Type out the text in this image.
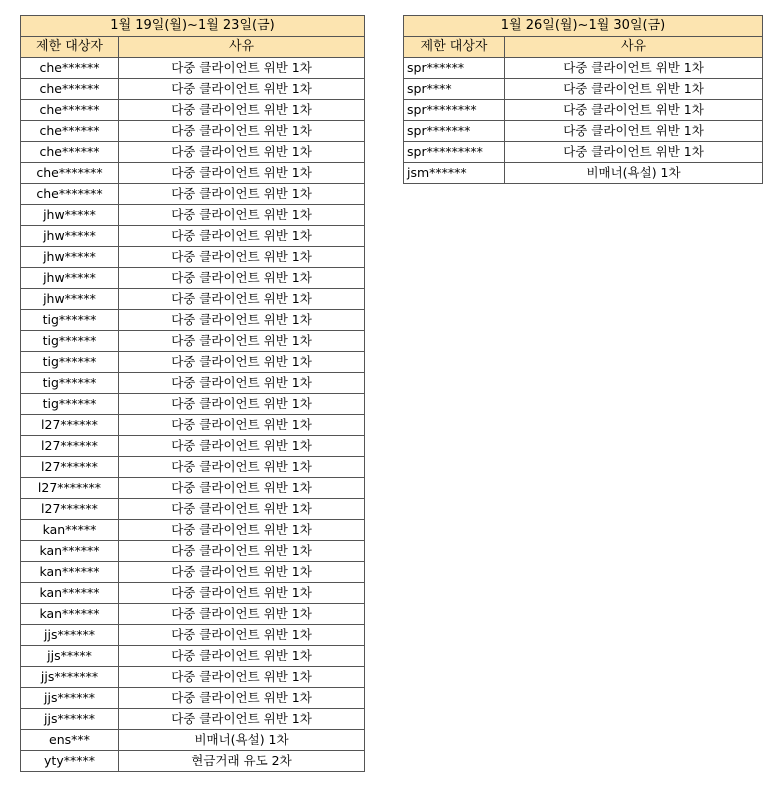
1월 19일(월)~1월 23일(금)	
제한 대상자	사유
che******	다중 클라이언트 위반 1차
che******	다중 클라이언트 위반 1차
che******	다중 클라이언트 위반 1차
che******	다중 클라이언트 위반 1차
che******	다중 클라이언트 위반 1차
che*******	다중 클라이언트 위반 1차
che*******	다중 클라이언트 위반 1차
jhw*****	다중 클라이언트 위반 1차
jhw*****	다중 클라이언트 위반 1차
jhw*****	다중 클라이언트 위반 1차
jhw*****	다중 클라이언트 위반 1차
jhw*****	다중 클라이언트 위반 1차
tig******	다중 클라이언트 위반 1차
tig******	다중 클라이언트 위반 1차
tig******	다중 클라이언트 위반 1차
tig******	다중 클라이언트 위반 1차
tig******	다중 클라이언트 위반 1차
l27******	다중 클라이언트 위반 1차
l27******	다중 클라이언트 위반 1차
l27******	다중 클라이언트 위반 1차
l27*******	다중 클라이언트 위반 1차
l27******	다중 클라이언트 위반 1차
kan*****	다중 클라이언트 위반 1차
kan******	다중 클라이언트 위반 1차
kan******	다중 클라이언트 위반 1차
kan******	다중 클라이언트 위반 1차
kan******	다중 클라이언트 위반 1차
jjs******	다중 클라이언트 위반 1차
jjs*****	다중 클라이언트 위반 1차
jjs*******	다중 클라이언트 위반 1차
jjs******	다중 클라이언트 위반 1차
jjs******	다중 클라이언트 위반 1차
ens***	비매너(욕설) 1차
yty*****	현금거래 유도 2차
1월 26일(월)~1월 30일(금)	
제한 대상자	사유
spr******	다중 클라이언트 위반 1차
spr****	다중 클라이언트 위반 1차
spr********	다중 클라이언트 위반 1차
spr*******	다중 클라이언트 위반 1차
spr*********	다중 클라이언트 위반 1차
jsm******	비매너(욕설) 1차
